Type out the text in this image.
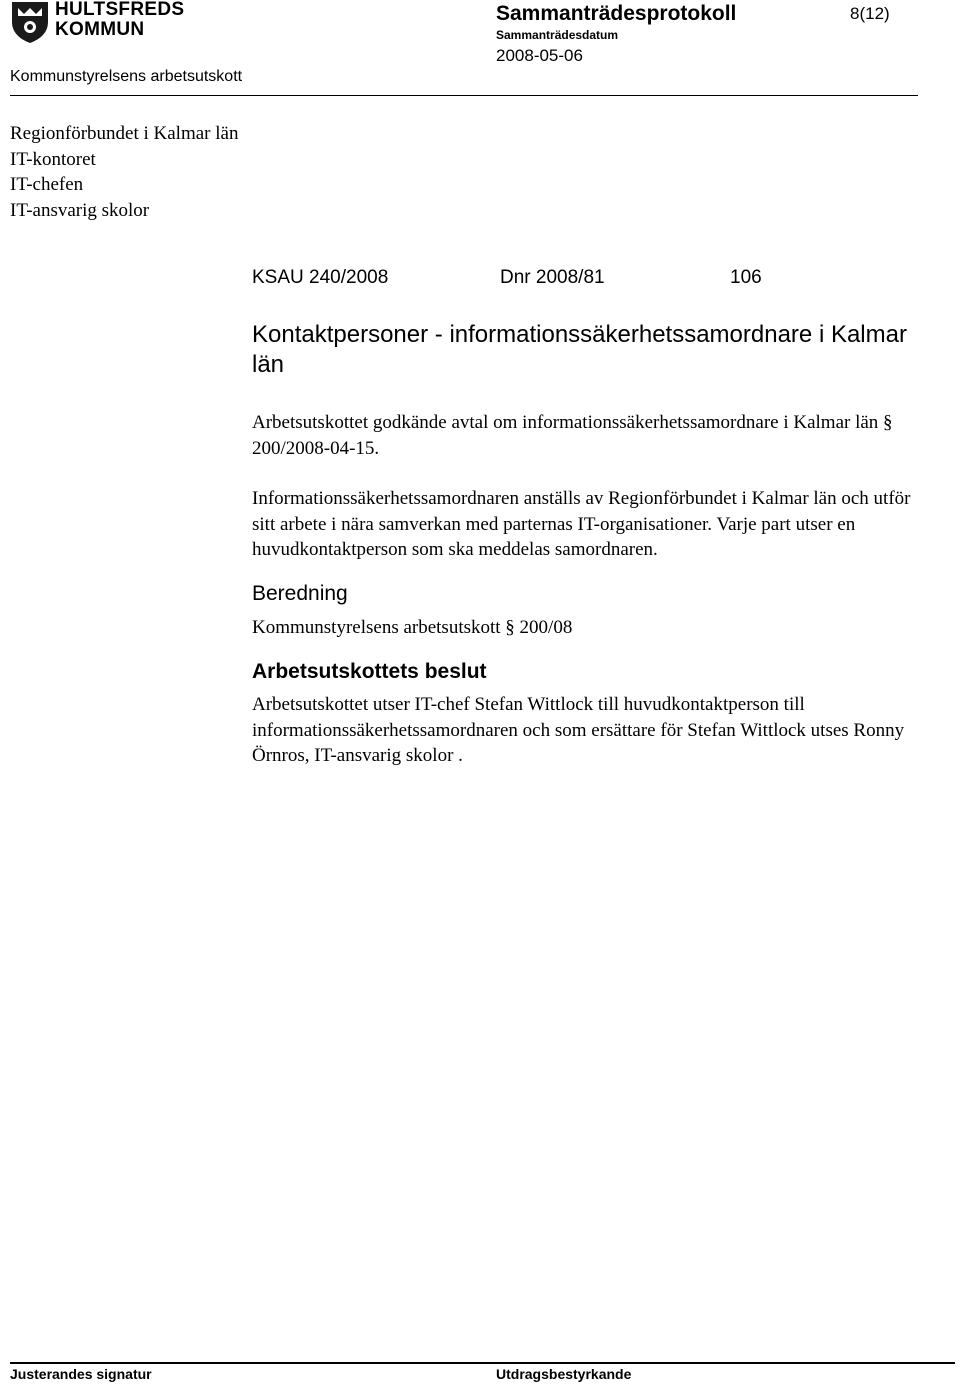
HULTSFREDS
KOMMUN
Sammanträdesprotokoll	8(12)
Sammanträdesdatum
2008-05-06
Kommunstyrelsens arbetsutskott
Regionförbundet i Kalmar län
IT-kontoret
IT-chefen
IT-ansvarig skolor
KSAU 240/2008	Dnr 2008/81	106
Kontaktpersoner - informationssäkerhetssamordnare i Kalmar län
Arbetsutskottet godkände avtal om informationssäkerhetssamordnare i Kalmar län § 200/2008-04-15.
Informationssäkerhetssamordnaren anställs av Regionförbundet i Kalmar län och utför sitt arbete i nära samverkan med parternas IT-organisationer. Varje part utser en huvudkontaktperson som ska meddelas samordnaren.
Beredning
Kommunstyrelsens arbetsutskott § 200/08
Arbetsutskottets beslut
Arbetsutskottet utser IT-chef Stefan Wittlock till huvudkontaktperson till informationssäkerhetssamordnaren och som ersättare för Stefan Wittlock utses Ronny Örnros, IT-ansvarig skolor .
Justerandes signatur	Utdragsbestyrkande
